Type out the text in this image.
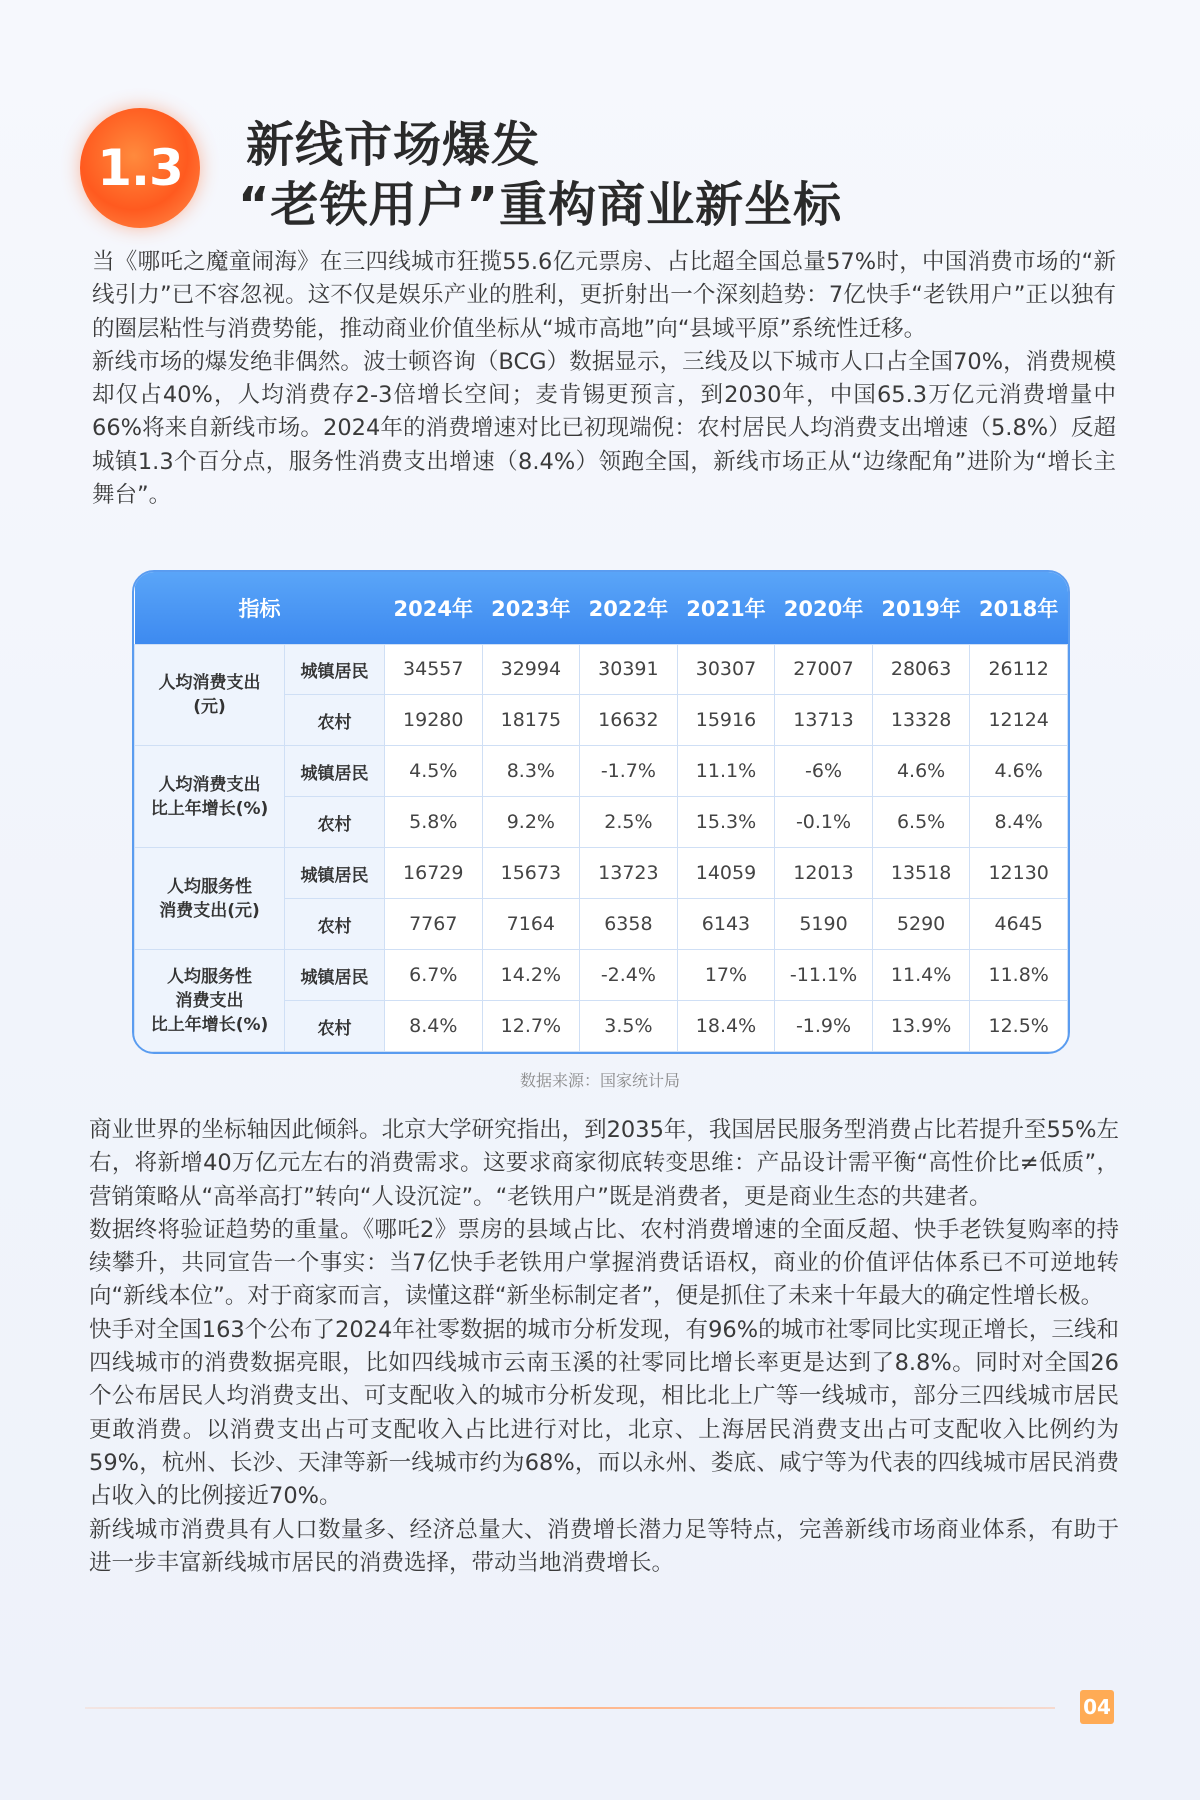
1.3 新线市场爆发
“老铁用户”重构商业新坐标

当《哪吒之魔童闹海》在三四线城市狂揽55.6亿元票房、占比超全国总量57%时，中国消费市场的“新线引力”已不容忽视。这不仅是娱乐产业的胜利，更折射出一个深刻趋势：7亿快手“老铁用户”正以独有的圈层粘性与消费势能，推动商业价值坐标从“城市高地”向“县域平原”系统性迁移。

新线市场的爆发绝非偶然。波士顿咨询（BCG）数据显示，三线及以下城市人口占全国70%，消费规模却仅占40%，人均消费存2-3倍增长空间；麦肯锡更预言，到2030年，中国65.3万亿元消费增量中66%将来自新线市场。2024年的消费增速对比已初现端倪：农村居民人均消费支出增速（5.8%）反超城镇1.3个百分点，服务性消费支出增速（8.4%）领跑全国，新线市场正从“边缘配角”进阶为“增长主舞台”。

指标		2024年	2023年	2022年	2021年	2020年	2019年	2018年

人均消费支出
(元)	城镇居民	34557	32994	30391	30307	27007	28063	26112
	农村	19280	18175	16632	15916	13713	13328	12124

人均消费支出
比上年增长(%)	城镇居民	4.5%	8.3%	-1.7%	11.1%	-6%	4.6%	4.6%
	农村	5.8%	9.2%	2.5%	15.3%	-0.1%	6.5%	8.4%

人均服务性
消费支出(元)	城镇居民	16729	15673	13723	14059	12013	13518	12130
	农村	7767	7164	6358	6143	5190	5290	4645

人均服务性
消费支出
比上年增长(%)	城镇居民	6.7%	14.2%	-2.4%	17%	-11.1%	11.4%	11.8%
	农村	8.4%	12.7%	3.5%	18.4%	-1.9%	13.9%	12.5%
数据来源：国家统计局

商业世界的坐标轴因此倾斜。北京大学研究指出，到2035年，我国居民服务型消费占比若提升至55%左右，将新增40万亿元左右的消费需求。这要求商家彻底转变思维：产品设计需平衡“高性价比≠低质”，营销策略从“高举高打”转向“人设沉淀”。“老铁用户”既是消费者，更是商业生态的共建者。

数据终将验证趋势的重量。《哪吒2》票房的县域占比、农村消费增速的全面反超、快手老铁复购率的持续攀升，共同宣告一个事实：当7亿快手老铁用户掌握消费话语权，商业的价值评估体系已不可逆地转向“新线本位”。对于商家而言，读懂这群“新坐标制定者”，便是抓住了未来十年最大的确定性增长极。

快手对全国163个公布了2024年社零数据的城市分析发现，有96%的城市社零同比实现正增长，三线和四线城市的消费数据亮眼，比如四线城市云南玉溪的社零同比增长率更是达到了8.8%。同时对全国26个公布居民人均消费支出、可支配收入的城市分析发现，相比北上广等一线城市，部分三四线城市居民更敢消费。以消费支出占可支配收入占比进行对比，北京、上海居民消费支出占可支配收入比例约为59%，杭州、长沙、天津等新一线城市约为68%，而以永州、娄底、咸宁等为代表的四线城市居民消费占收入的比例接近70%。

新线城市消费具有人口数量多、经济总量大、消费增长潜力足等特点，完善新线市场商业体系，有助于进一步丰富新线城市居民的消费选择，带动当地消费增长。

04
